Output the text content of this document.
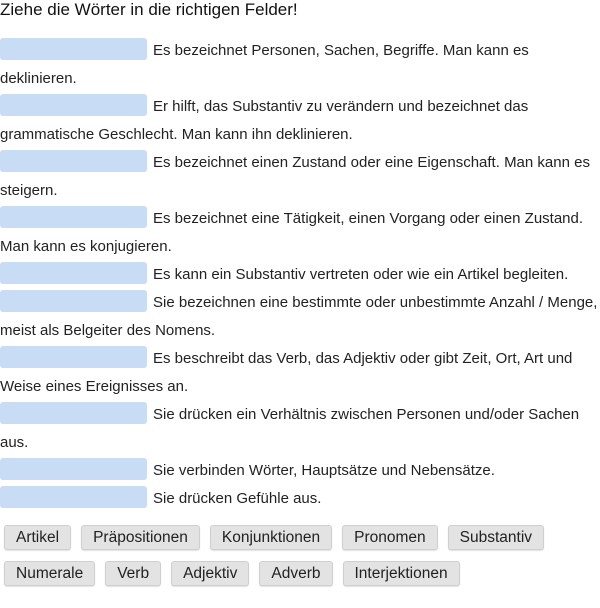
Ziehe die Wörter in die richtigen Felder!
Es bezeichnet Personen, Sachen, Begriffe. Man kann es deklinieren.
Er hilft, das Substantiv zu verändern und bezeichnet das grammatische Geschlecht. Man kann ihn deklinieren.
Es bezeichnet einen Zustand oder eine Eigenschaft. Man kann es steigern.
Es bezeichnet eine Tätigkeit, einen Vorgang oder einen Zustand. Man kann es konjugieren.
Es kann ein Substantiv vertreten oder wie ein Artikel begleiten.
Sie bezeichnen eine bestimmte oder unbestimmte Anzahl / Menge, meist als Belgeiter des Nomens.
Es beschreibt das Verb, das Adjektiv oder gibt Zeit, Ort, Art und Weise eines Ereignisses an.
Sie drücken ein Verhältnis zwischen Personen und/oder Sachen aus.
Sie verbinden Wörter, Hauptsätze und Nebensätze.
Sie drücken Gefühle aus.
Artikel	Präpositionen	Konjunktionen	Pronomen	Substantiv
Numerale	Verb	Adjektiv	Adverb	Interjektionen
